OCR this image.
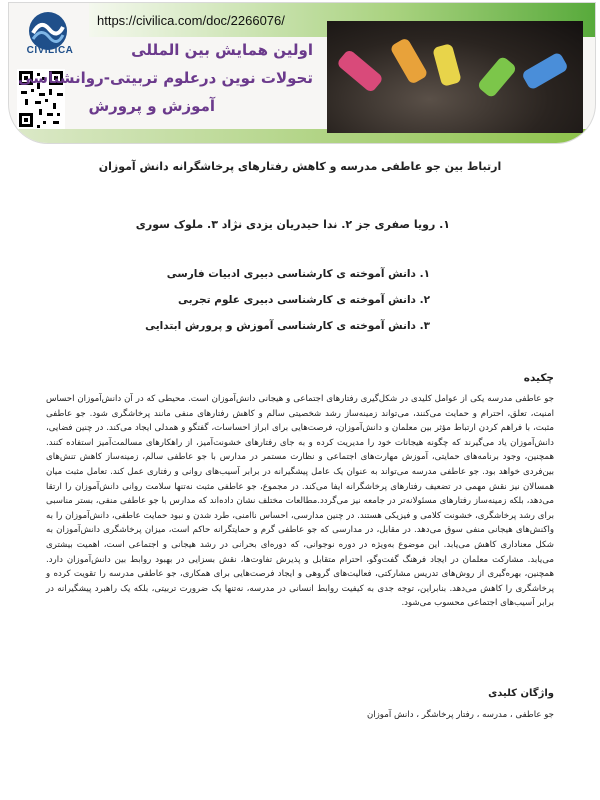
CIVILICA
https://civilica.com/doc/2266076/
اولین همایش بین المللی
تحولات نوین درعلوم تربیتی-روانشناسی
آموزش و پرورش
ارتباط بین جو عاطفی مدرسه و کاهش رفتارهای پرخاشگرانه دانش آموزان
۱. رویا صفری جز ۲. ندا حیدریان یزدی نژاد ۳. ملوک سوری
۱. دانش آموخته ی کارشناسی دبیری ادبیات فارسی
۲. دانش آموخته ی کارشناسی دبیری علوم تجربی
۳. دانش آموخته ی کارشناسی آموزش و پرورش ابتدایی
چکیده
جو عاطفی مدرسه یکی از عوامل کلیدی در شکل‌گیری رفتارهای اجتماعی و هیجانی دانش‌آموزان است. محیطی که در آن دانش‌آموزان احساس امنیت، تعلق، احترام و حمایت می‌کنند، می‌تواند زمینه‌ساز رشد شخصیتی سالم و کاهش رفتارهای منفی مانند پرخاشگری شود. جو عاطفی مثبت، با فراهم کردن ارتباط مؤثر بین معلمان و دانش‌آموزان، فرصت‌هایی برای ابراز احساسات، گفتگو و همدلی ایجاد می‌کند. در چنین فضایی، دانش‌آموزان یاد می‌گیرند که چگونه هیجانات خود را مدیریت کرده و به جای رفتارهای خشونت‌آمیز، از راهکارهای مسالمت‌آمیز استفاده کنند. همچنین، وجود برنامه‌های حمایتی، آموزش مهارت‌های اجتماعی و نظارت مستمر در مدارس با جو عاطفی سالم، زمینه‌ساز کاهش تنش‌های بین‌فردی خواهد بود. جو عاطفی مدرسه می‌تواند به عنوان یک عامل پیشگیرانه در برابر آسیب‌های روانی و رفتاری عمل کند. تعامل مثبت میان همسالان نیز نقش مهمی در تضعیف رفتارهای پرخاشگرانه ایفا می‌کند. در مجموع، جو عاطفی مثبت نه‌تنها سلامت روانی دانش‌آموزان را ارتقا می‌دهد، بلکه زمینه‌ساز رفتارهای مسئولانه‌تر در جامعه نیز می‌گردد.مطالعات مختلف نشان داده‌اند که مدارس با جو عاطفی منفی، بستر مناسبی برای رشد پرخاشگری، خشونت کلامی و فیزیکی هستند. در چنین مدارسی، احساس ناامنی، طرد شدن و نبود حمایت عاطفی، دانش‌آموزان را به واکنش‌های هیجانی منفی سوق می‌دهد. در مقابل، در مدارسی که جو عاطفی گرم و حمایتگرانه حاکم است، میزان پرخاشگری دانش‌آموزان به شکل معناداری کاهش می‌یابد. این موضوع به‌ویژه در دوره نوجوانی، که دوره‌ای بحرانی در رشد هیجانی و اجتماعی است، اهمیت بیشتری می‌یابد. مشارکت معلمان در ایجاد فرهنگ گفت‌وگو، احترام متقابل و پذیرش تفاوت‌ها، نقش بسزایی در بهبود روابط بین دانش‌آموزان دارد. همچنین، بهره‌گیری از روش‌های تدریس مشارکتی، فعالیت‌های گروهی و ایجاد فرصت‌هایی برای همکاری، جو عاطفی مدرسه را تقویت کرده و پرخاشگری را کاهش می‌دهد. بنابراین، توجه جدی به کیفیت روابط انسانی در مدرسه، نه‌تنها یک ضرورت تربیتی، بلکه یک راهبرد پیشگیرانه در برابر آسیب‌های اجتماعی محسوب می‌شود.
واژگان کلیدی
جو عاطفی ، مدرسه ، رفتار پرخاشگر ، دانش آموزان
